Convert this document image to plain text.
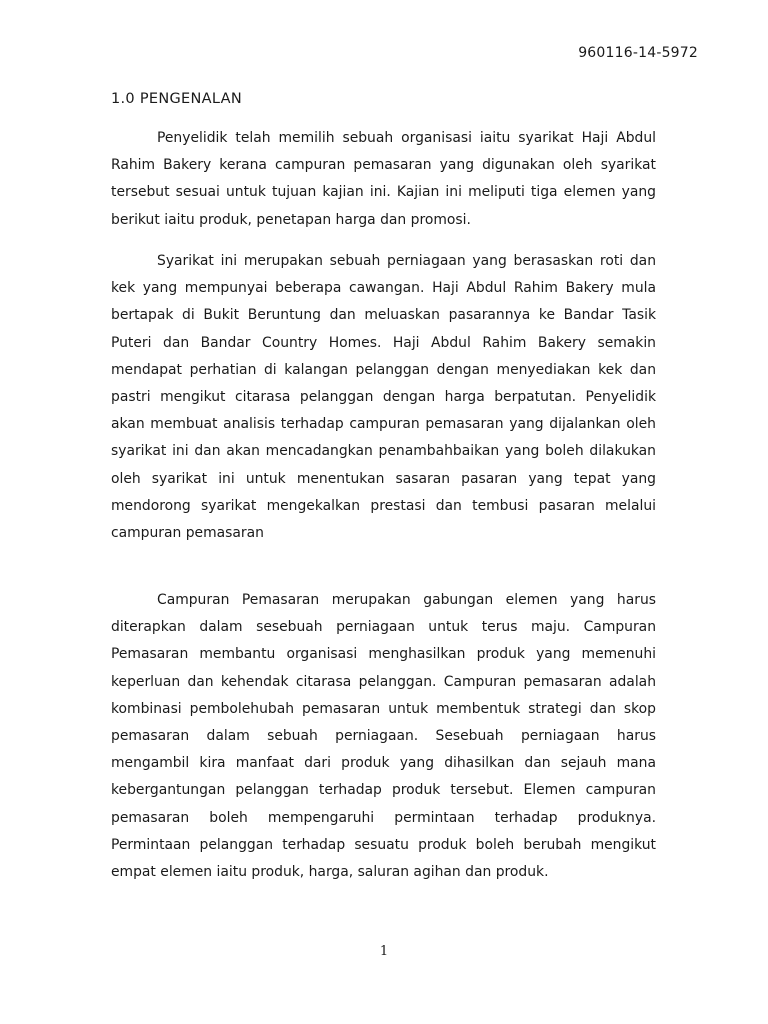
960116-14-5972
1.0 PENGENALAN

Penyelidik telah memilih sebuah organisasi iaitu syarikat Haji Abdul Rahim Bakery kerana campuran pemasaran yang digunakan oleh syarikat tersebut sesuai untuk tujuan kajian ini. Kajian ini meliputi tiga elemen yang berikut iaitu produk, penetapan harga dan promosi.

Syarikat ini merupakan sebuah perniagaan yang berasaskan roti dan kek yang mempunyai beberapa cawangan. Haji Abdul Rahim Bakery mula bertapak di Bukit Beruntung dan meluaskan pasarannya ke Bandar Tasik Puteri dan Bandar Country Homes. Haji Abdul Rahim Bakery semakin mendapat perhatian di kalangan pelanggan dengan menyediakan kek dan pastri mengikut citarasa pelanggan dengan harga berpatutan. Penyelidik akan membuat analisis terhadap campuran pemasaran yang dijalankan oleh syarikat ini dan akan mencadangkan penambahbaikan yang boleh dilakukan oleh syarikat ini untuk menentukan sasaran pasaran yang tepat yang mendorong syarikat mengekalkan prestasi dan tembusi pasaran melalui campuran pemasaran

Campuran Pemasaran merupakan gabungan elemen yang harus diterapkan dalam sesebuah perniagaan untuk terus maju. Campuran Pemasaran membantu organisasi menghasilkan produk yang memenuhi keperluan dan kehendak citarasa pelanggan. Campuran pemasaran adalah kombinasi pembolehubah pemasaran untuk membentuk strategi dan skop pemasaran dalam sebuah perniagaan. Sesebuah perniagaan harus mengambil kira manfaat dari produk yang dihasilkan dan sejauh mana kebergantungan pelanggan terhadap produk tersebut. Elemen campuran pemasaran boleh mempengaruhi permintaan terhadap produknya. Permintaan pelanggan terhadap sesuatu produk boleh berubah mengikut empat elemen iaitu produk, harga, saluran agihan dan produk.

1
